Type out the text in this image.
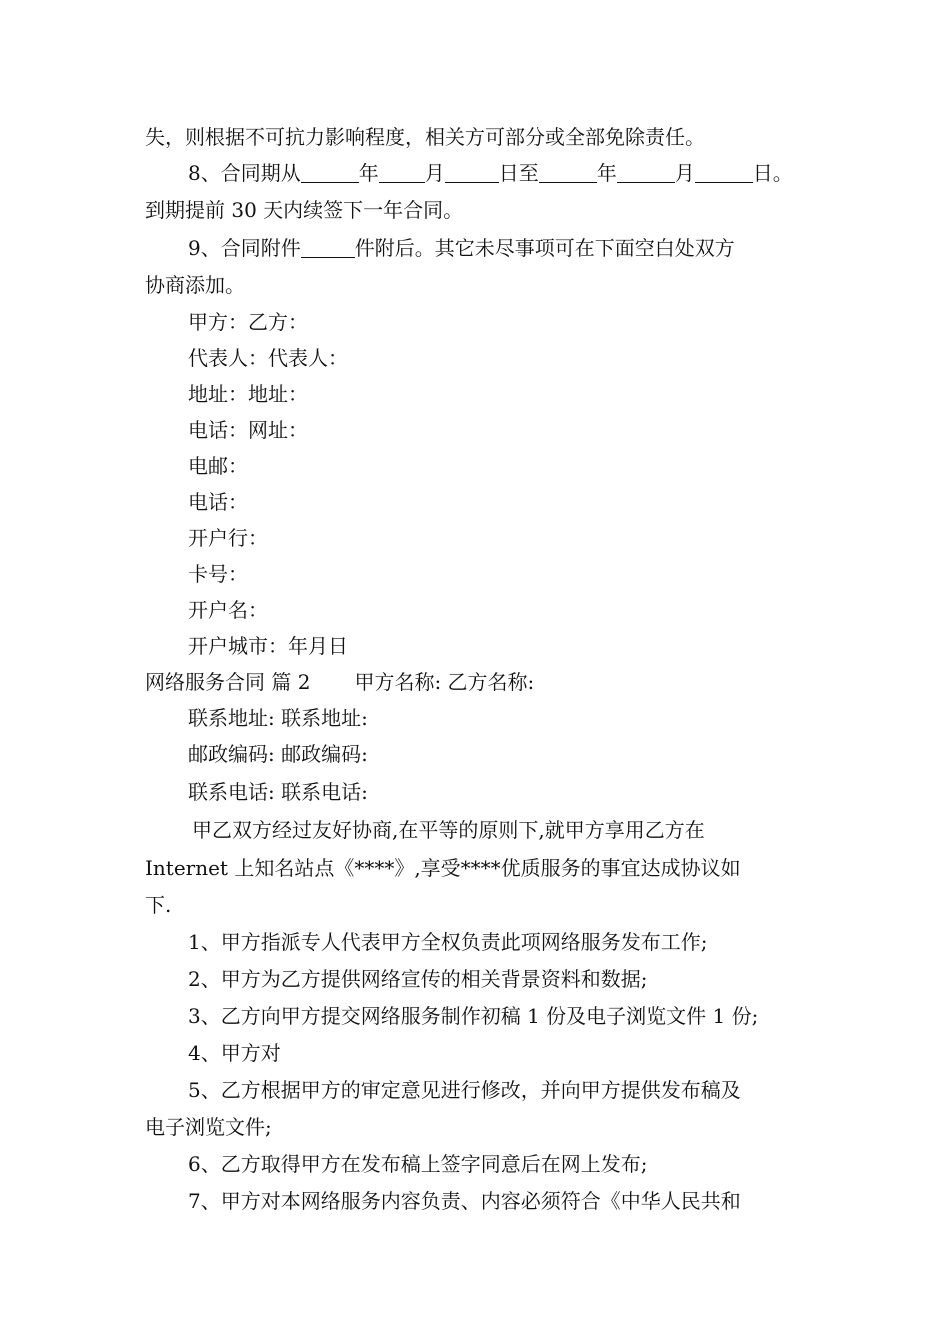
失，则根据不可抗力影响程度，相关方可部分或全部免除责任。
8、合同期从	年 月	日至	年	月	日。
到期提前 30 天内续签下一年合同。
9、合同附件	件附后。其它未尽事项可在下面空白处双方
协商添加。
甲方：乙方：
代表人：代表人：
地址：地址：
电话：网址：
电邮：
电话：
开户行：
卡号：
开户名：
开户城市：年月日
网络服务合同 篇 2 甲方名称: 乙方名称:
联系地址: 联系地址:
邮政编码: 邮政编码:
联系电话: 联系电话:
甲乙双方经过友好协商,在平等的原则下,就甲方享用乙方在
Internet 上知名站点《****》,享受****优质服务的事宜达成协议如
下.
1、甲方指派专人代表甲方全权负责此项网络服务发布工作;
2、甲方为乙方提供网络宣传的相关背景资料和数据;
3、乙方向甲方提交网络服务制作初稿 1 份及电子浏览文件 1 份;
4、甲方对
5、乙方根据甲方的审定意见进行修改，并向甲方提供发布稿及
电子浏览文件;
6、乙方取得甲方在发布稿上签字同意后在网上发布;
7、甲方对本网络服务内容负责、内容必须符合《中华人民共和
